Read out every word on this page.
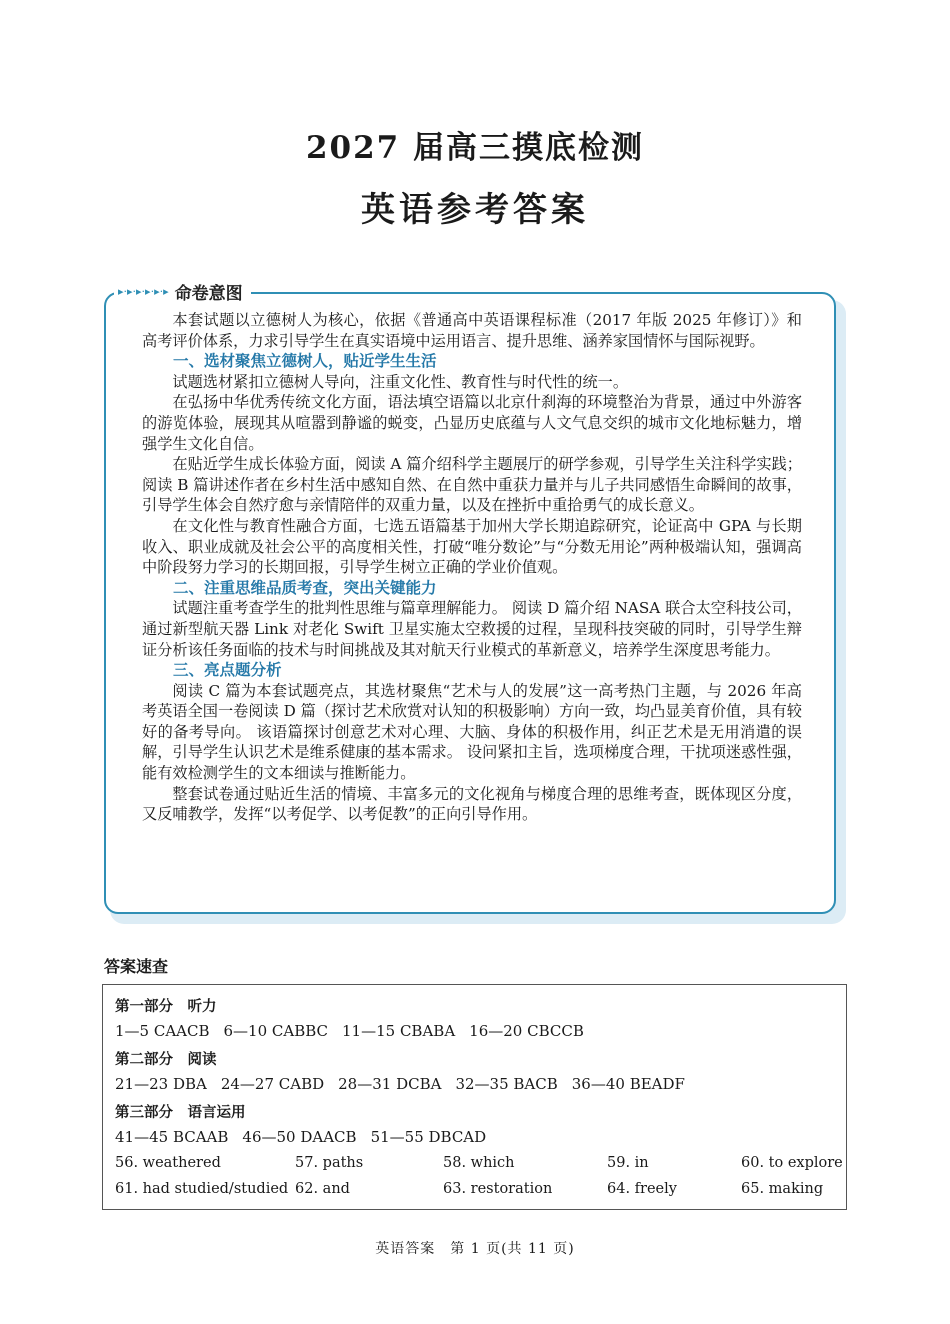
2027 届高三摸底检测
英语参考答案
▸·▸·▸·▸·▸·▸ 命卷意图

本套试题以立德树人为核心，依据《普通高中英语课程标准（2017 年版 2025 年修订）》和高考评价体系，力求引导学生在真实语境中运用语言、提升思维、涵养家国情怀与国际视野。

一、选材聚焦立德树人，贴近学生生活

试题选材紧扣立德树人导向，注重文化性、教育性与时代性的统一。

在弘扬中华优秀传统文化方面，语法填空语篇以北京什刹海的环境整治为背景，通过中外游客的游览体验，展现其从喧嚣到静谧的蜕变，凸显历史底蕴与人文气息交织的城市文化地标魅力，增强学生文化自信。

在贴近学生成长体验方面，阅读 A 篇介绍科学主题展厅的研学参观，引导学生关注科学实践；阅读 B 篇讲述作者在乡村生活中感知自然、在自然中重获力量并与儿子共同感悟生命瞬间的故事，引导学生体会自然疗愈与亲情陪伴的双重力量，以及在挫折中重拾勇气的成长意义。

在文化性与教育性融合方面，七选五语篇基于加州大学长期追踪研究，论证高中 GPA 与长期收入、职业成就及社会公平的高度相关性，打破“唯分数论”与“分数无用论”两种极端认知，强调高中阶段努力学习的长期回报，引导学生树立正确的学业价值观。

二、注重思维品质考查，突出关键能力

试题注重考查学生的批判性思维与篇章理解能力。 阅读 D 篇介绍 NASA 联合太空科技公司，通过新型航天器 Link 对老化 Swift 卫星实施太空救援的过程，呈现科技突破的同时，引导学生辩证分析该任务面临的技术与时间挑战及其对航天行业模式的革新意义，培养学生深度思考能力。

三、亮点题分析

阅读 C 篇为本套试题亮点，其选材聚焦“艺术与人的发展”这一高考热门主题，与 2026 年高考英语全国一卷阅读 D 篇（探讨艺术欣赏对认知的积极影响）方向一致，均凸显美育价值，具有较好的备考导向。 该语篇探讨创意艺术对心理、大脑、身体的积极作用，纠正艺术是无用消遣的误解，引导学生认识艺术是维系健康的基本需求。 设问紧扣主旨，选项梯度合理，干扰项迷惑性强，能有效检测学生的文本细读与推断能力。

整套试卷通过贴近生活的情境、丰富多元的文化视角与梯度合理的思维考查，既体现区分度，又反哺教学，发挥“以考促学、以考促教”的正向引导作用。

答案速查
第一部分　听力
1—5 CAACB 6—10 CABBC 11—15 CBABA 16—20 CBCCB
第二部分　阅读
21—23 DBA 24—27 CABD 28—31 DCBA 32—35 BACB 36—40 BEADF
第三部分　语言运用
41—45 BCAAB 46—50 DAACB 51—55 DBCAD
56. weathered	57. paths	58. which	59. in	60. to explore
61. had studied/studied 62. and	63. restoration	64. freely	65. making
英语答案　第 1 页(共 11 页)
